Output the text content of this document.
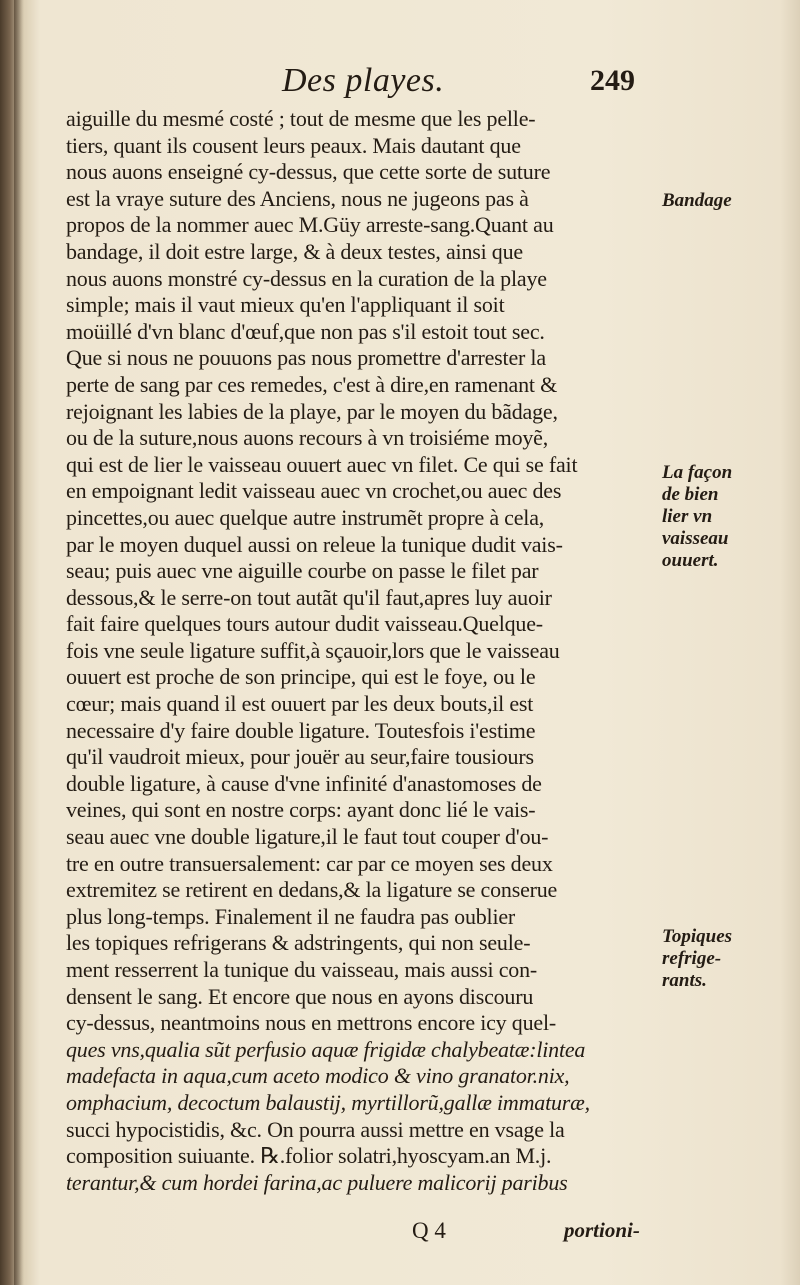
Des playes.	249
aiguille du mesmé costé ; tout de mesme que les pelle-
tiers, quant ils cousent leurs peaux. Mais dautant que
nous auons enseigné cy-dessus, que cette sorte de suture
est la vraye suture des Anciens, nous ne jugeons pas à
propos de la nommer auec M.Güy arreste-sang.Quant au
bandage, il doit estre large, & à deux testes, ainsi que
nous auons monstré cy-dessus en la curation de la playe
simple; mais il vaut mieux qu'en l'appliquant il soit
moüillé d'vn blanc d'œuf,que non pas s'il estoit tout sec.
Que si nous ne pouuons pas nous promettre d'arrester la
perte de sang par ces remedes, c'est à dire,en ramenant &
rejoignant les labies de la playe, par le moyen du bãdage,
ou de la suture,nous auons recours à vn troisiéme moyẽ,
qui est de lier le vaisseau ouuert auec vn filet. Ce qui se fait
en empoignant ledit vaisseau auec vn crochet,ou auec des
pincettes,ou auec quelque autre instrumẽt propre à cela,
par le moyen duquel aussi on releue la tunique dudit vais-
seau; puis auec vne aiguille courbe on passe le filet par
dessous,& le serre-on tout autãt qu'il faut,apres luy auoir
fait faire quelques tours autour dudit vaisseau.Quelque-
fois vne seule ligature suffit,à sçauoir,lors que le vaisseau
ouuert est proche de son principe, qui est le foye, ou le
cœur; mais quand il est ouuert par les deux bouts,il est
necessaire d'y faire double ligature. Toutesfois i'estime
qu'il vaudroit mieux, pour jouër au seur,faire tousiours
double ligature, à cause d'vne infinité d'anastomoses de
veines, qui sont en nostre corps: ayant donc lié le vais-
seau auec vne double ligature,il le faut tout couper d'ou-
tre en outre transuersalement: car par ce moyen ses deux
extremitez se retirent en dedans,& la ligature se conserue
plus long-temps. Finalement il ne faudra pas oublier
les topiques refrigerans & adstringents, qui non seule-
ment resserrent la tunique du vaisseau, mais aussi con-
densent le sang. Et encore que nous en ayons discouru
cy-dessus, neantmoins nous en mettrons encore icy quel-
ques vns,qualia sũt perfusio aquæ frigidæ chalybeatæ:lintea
madefacta in aqua,cum aceto modico & vino granator.nix,
omphacium, decoctum balaustij, myrtillorũ,gallæ immaturæ,
succi hypocistidis, &c. On pourra aussi mettre en vsage la
composition suiuante. ℞.folior solatri,hyoscyam.an M.j.
terantur,& cum hordei farina,ac puluere malicorij paribus
Bandage
La façon
de bien
lier vn
vaisseau
ouuert.
Topiques
refrige-
rants.
Q 4	portioni-
